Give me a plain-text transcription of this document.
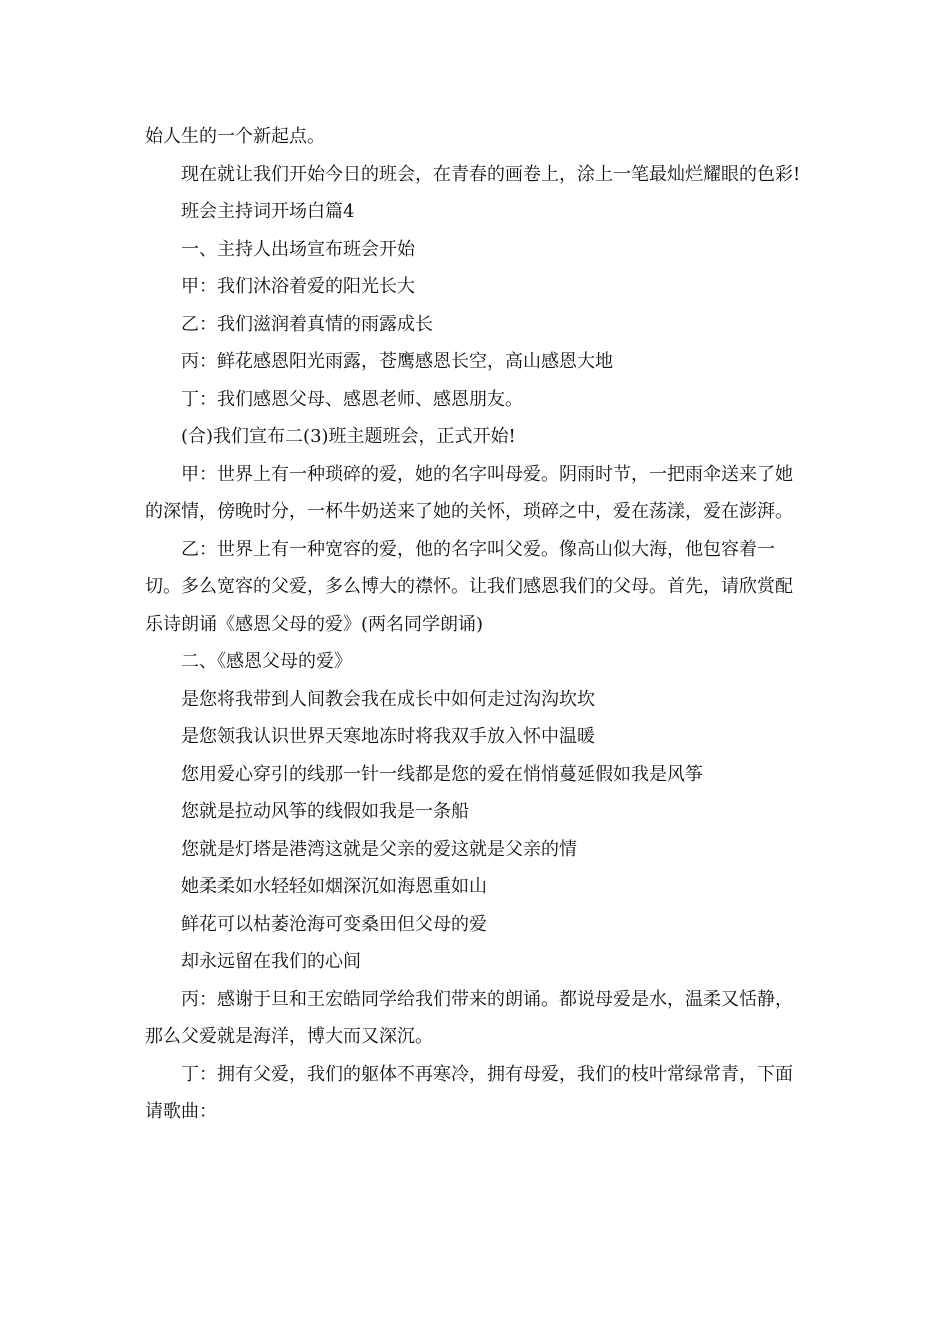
始人生的一个新起点。

现在就让我们开始今日的班会，在青春的画卷上，涂上一笔最灿烂耀眼的色彩!

班会主持词开场白篇4

一、主持人出场宣布班会开始

甲：我们沐浴着爱的阳光长大

乙：我们滋润着真情的雨露成长

丙：鲜花感恩阳光雨露，苍鹰感恩长空，高山感恩大地

丁：我们感恩父母、感恩老师、感恩朋友。

(合)我们宣布二(3)班主题班会，正式开始!

甲：世界上有一种琐碎的爱，她的名字叫母爱。阴雨时节，一把雨伞送来了她的深情，傍晚时分，一杯牛奶送来了她的关怀，琐碎之中，爱在荡漾，爱在澎湃。

乙：世界上有一种宽容的爱，他的名字叫父爱。像高山似大海，他包容着一切。多么宽容的父爱，多么博大的襟怀。让我们感恩我们的父母。首先，请欣赏配乐诗朗诵《感恩父母的爱》(两名同学朗诵)

二、《感恩父母的爱》

是您将我带到人间教会我在成长中如何走过沟沟坎坎

是您领我认识世界天寒地冻时将我双手放入怀中温暖

您用爱心穿引的线那一针一线都是您的爱在悄悄蔓延假如我是风筝

您就是拉动风筝的线假如我是一条船

您就是灯塔是港湾这就是父亲的爱这就是父亲的情

她柔柔如水轻轻如烟深沉如海恩重如山

鲜花可以枯萎沧海可变桑田但父母的爱

却永远留在我们的心间

丙：感谢于旦和王宏皓同学给我们带来的朗诵。都说母爱是水，温柔又恬静，那么父爱就是海洋，博大而又深沉。

丁：拥有父爱，我们的躯体不再寒冷，拥有母爱，我们的枝叶常绿常青，下面请歌曲：
